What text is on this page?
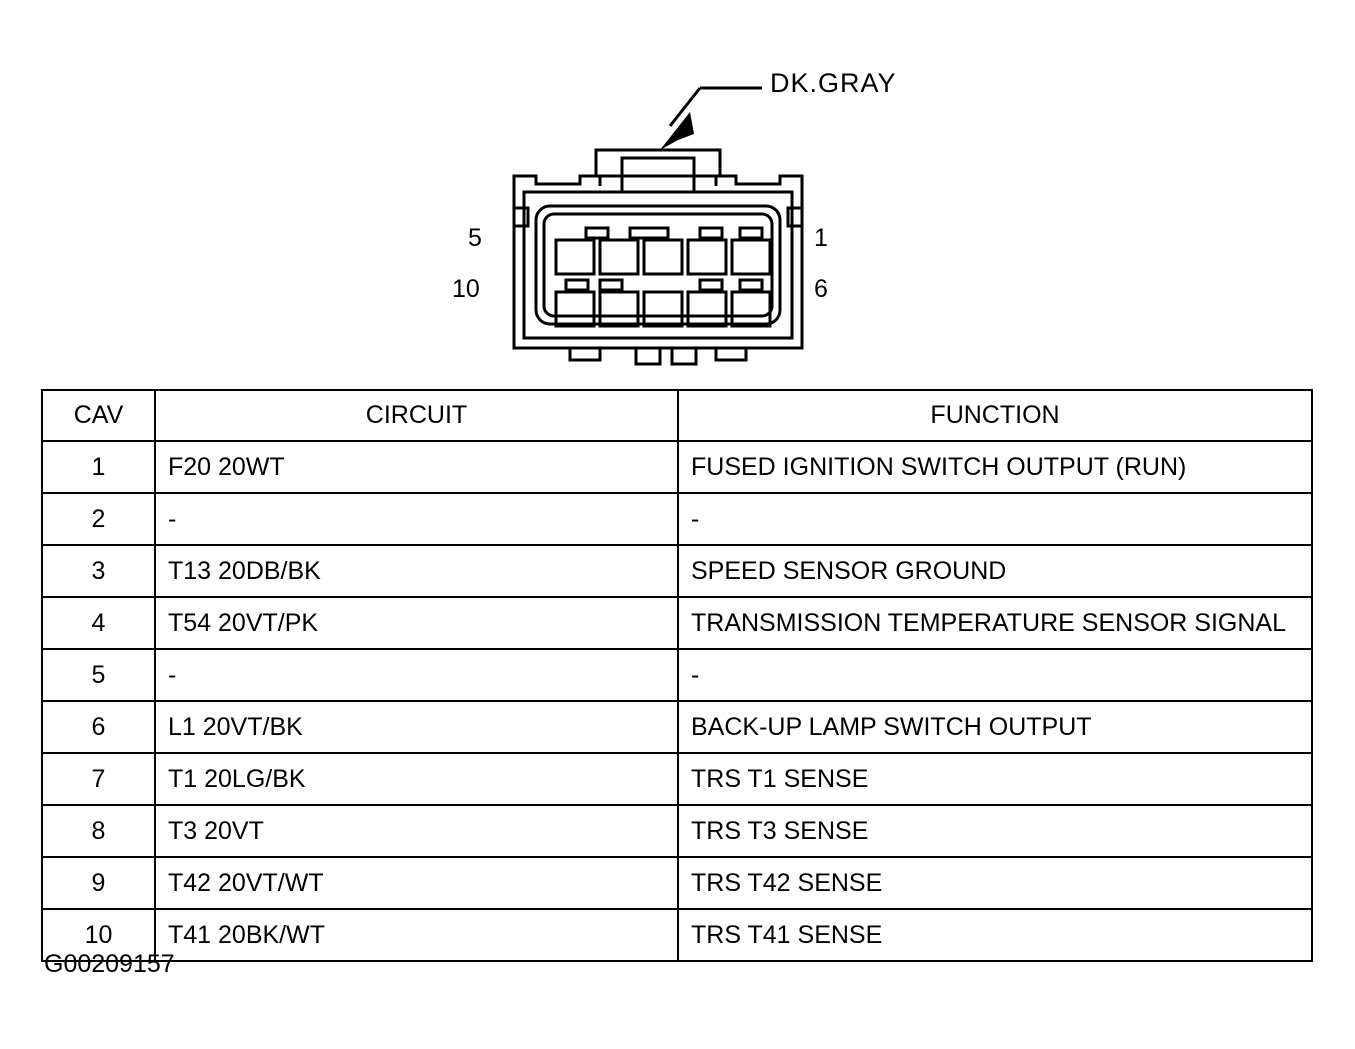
DK.GRAY
5
10
1
6
CAV	CIRCUIT	FUNCTION
1	F20 20WT	FUSED IGNITION SWITCH OUTPUT (RUN)
2	-	-
3	T13 20DB/BK	SPEED SENSOR GROUND
4	T54 20VT/PK	TRANSMISSION TEMPERATURE SENSOR SIGNAL
5	-	-
6	L1 20VT/BK	BACK-UP LAMP SWITCH OUTPUT
7	T1 20LG/BK	TRS T1 SENSE
8	T3 20VT	TRS T3 SENSE
9	T42 20VT/WT	TRS T42 SENSE
10	T41 20BK/WT	TRS T41 SENSE
G00209157
